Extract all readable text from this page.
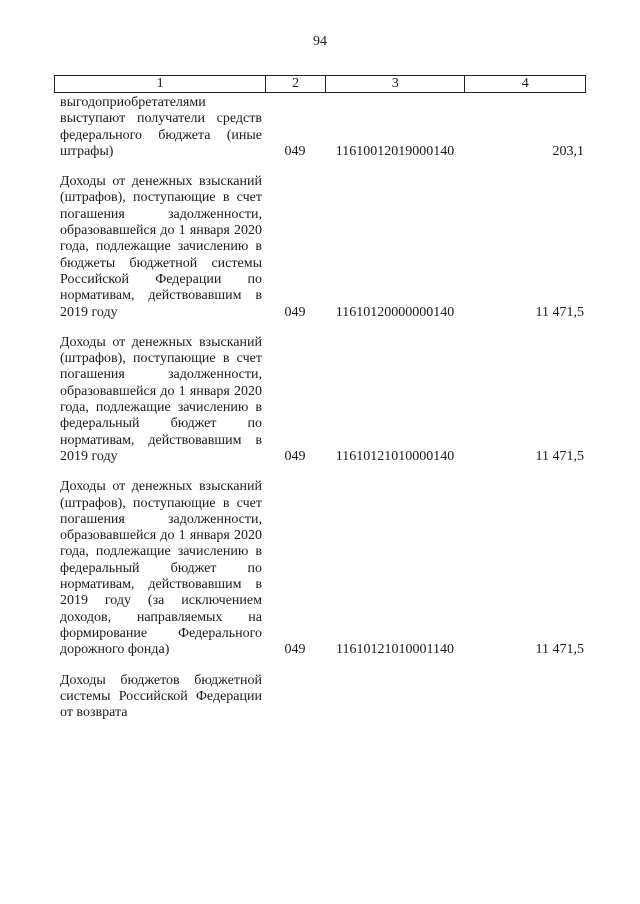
94
1	2	3	4
выгодоприобретателями выступают получатели средств федерального бюджета (иные штрафы)	049	11610012019000140	203,1
Доходы от денежных взысканий (штрафов), поступающие в счет погашения задолженности, образовавшейся до 1 января 2020 года, подлежащие зачислению в бюджеты бюджетной системы Российской Федерации по нормативам, действовавшим в 2019 году	049	11610120000000140	11 471,5
Доходы от денежных взысканий (штрафов), поступающие в счет погашения задолженности, образовавшейся до 1 января 2020 года, подлежащие зачислению в федеральный бюджет по нормативам, действовавшим в 2019 году	049	11610121010000140	11 471,5
Доходы от денежных взысканий (штрафов), поступающие в счет погашения задолженности, образовавшейся до 1 января 2020 года, подлежащие зачислению в федеральный бюджет по нормативам, действовавшим в 2019 году (за исключением доходов, направляемых на формирование Федерального дорожного фонда)	049	11610121010001140	11 471,5
Доходы бюджетов бюджетной системы Российской Федерации от возврата
